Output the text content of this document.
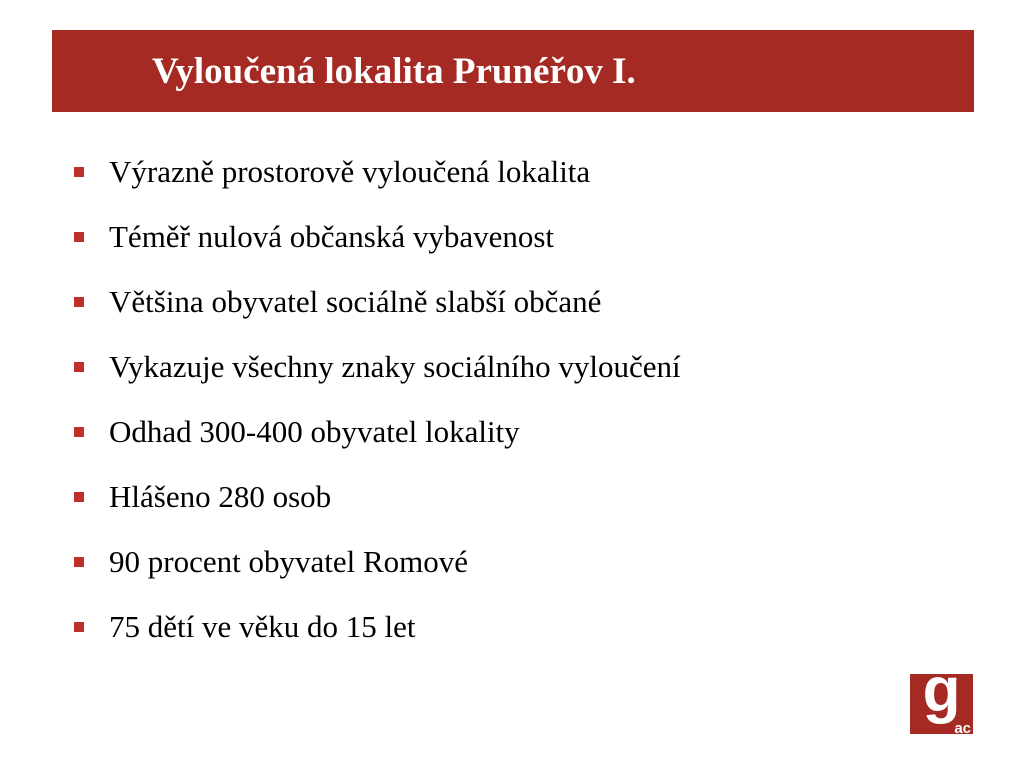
Vyloučená lokalita Prunéřov I.
Výrazně prostorově vyloučená lokalita
Téměř nulová občanská vybavenost
Většina obyvatel sociálně slabší občané
Vykazuje všechny znaky sociálního vyloučení
Odhad 300-400 obyvatel lokality
Hlášeno 280 osob
90 procent obyvatel Romové
75 dětí ve věku do 15 let
g
ac
